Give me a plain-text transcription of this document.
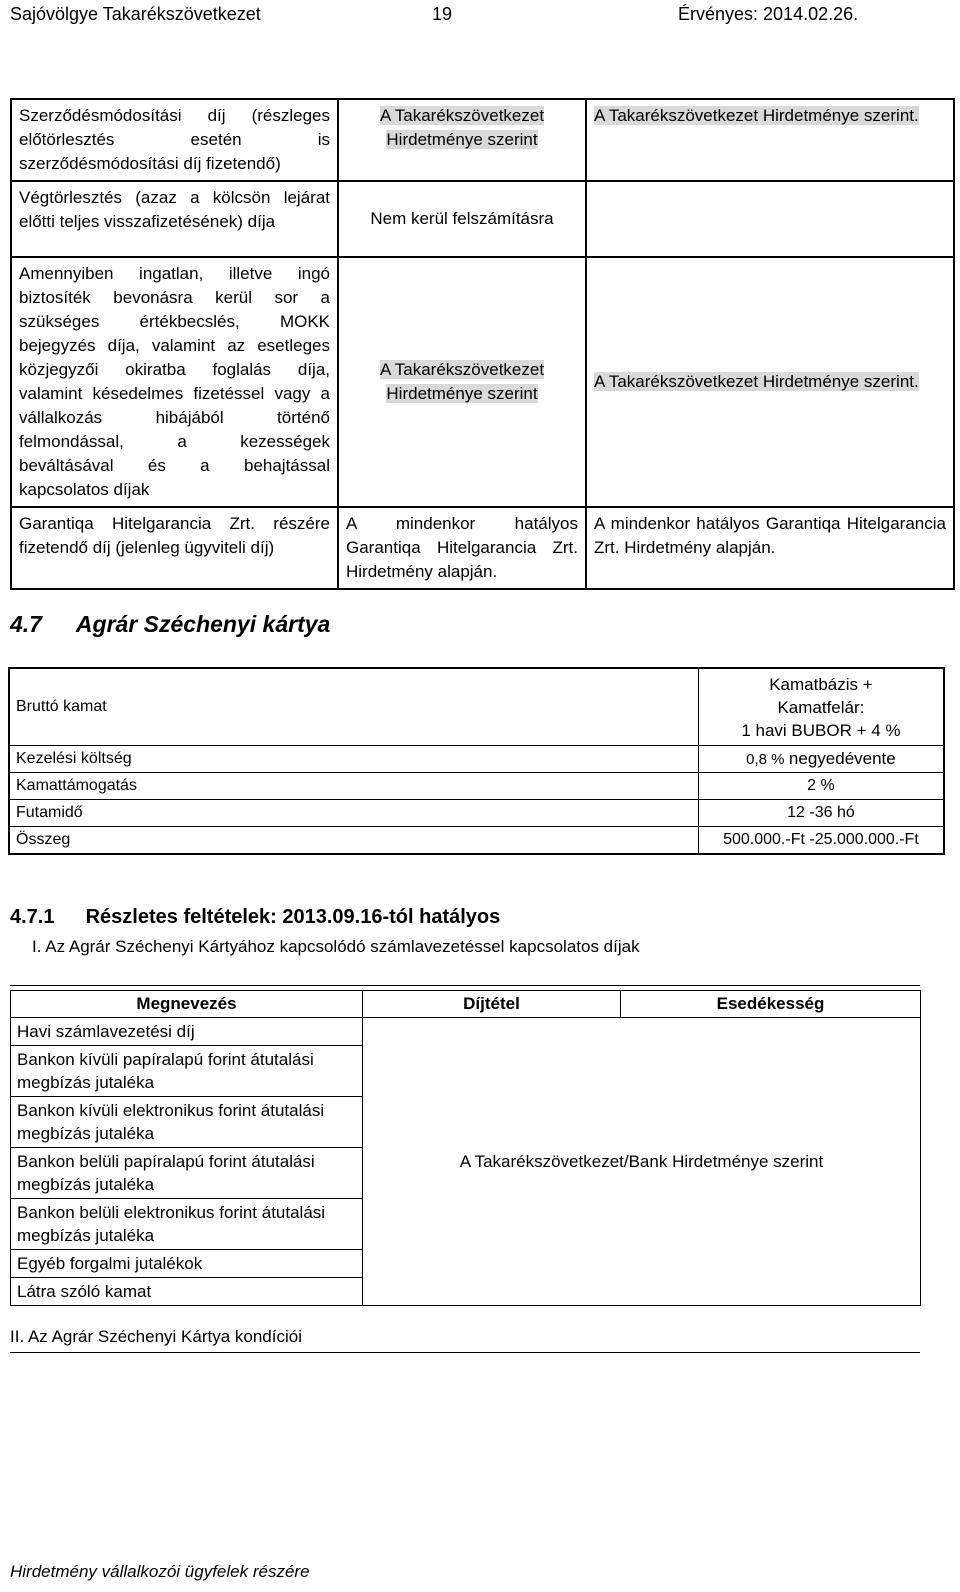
Sajóvölgye Takarékszövetkezet	19	Érvényes: 2014.02.26.
Szerződésmódosítási díj (részleges előtörlesztés esetén is szerződésmódosítási díj fizetendő)	A Takarékszövetkezet Hirdetménye szerint	A Takarékszövetkezet Hirdetménye szerint.
Végtörlesztés (azaz a kölcsön lejárat előtti teljes visszafizetésének) díja	Nem kerül felszámításra	
Amennyiben ingatlan, illetve ingó biztosíték bevonásra kerül sor a szükséges értékbecslés, MOKK bejegyzés díja, valamint az esetleges közjegyzői okiratba foglalás díja, valamint késedelmes fizetéssel vagy a vállalkozás hibájából történő felmondással, a kezességek beváltásával és a behajtással kapcsolatos díjak	A Takarékszövetkezet Hirdetménye szerint	A Takarékszövetkezet Hirdetménye szerint.
Garantiqa Hitelgarancia Zrt. részére fizetendő díj (jelenleg ügyviteli díj)	A mindenkor hatályos Garantiqa Hitelgarancia Zrt. Hirdetmény alapján.	A mindenkor hatályos Garantiqa Hitelgarancia Zrt. Hirdetmény alapján.
4.7 Agrár Széchenyi kártya
Bruttó kamat	Kamatbázis +
Kamatfelár:
1 havi BUBOR + 4 %

Kezelési költség	0,8 % negyedévente
Kamattámogatás	2 %
Futamidő	12 -36 hó
Összeg	500.000.-Ft -25.000.000.-Ft
4.7.1 Részletes feltételek: 2013.09.16-tól hatályos
I. Az Agrár Széchenyi Kártyához kapcsolódó számlavezetéssel kapcsolatos díjak
Megnevezés	Díjtétel	Esedékesség
Havi számlavezetési díj	A Takarékszövetkezet/Bank Hirdetménye szerint	
Bankon kívüli papíralapú forint átutalási megbízás jutaléka		
Bankon kívüli elektronikus forint átutalási megbízás jutaléka		
Bankon belüli papíralapú forint átutalási megbízás jutaléka		
Bankon belüli elektronikus forint átutalási megbízás jutaléka		
Egyéb forgalmi jutalékok		
Látra szóló kamat		
II. Az Agrár Széchenyi Kártya kondíciói
Hirdetmény vállalkozói ügyfelek részére
